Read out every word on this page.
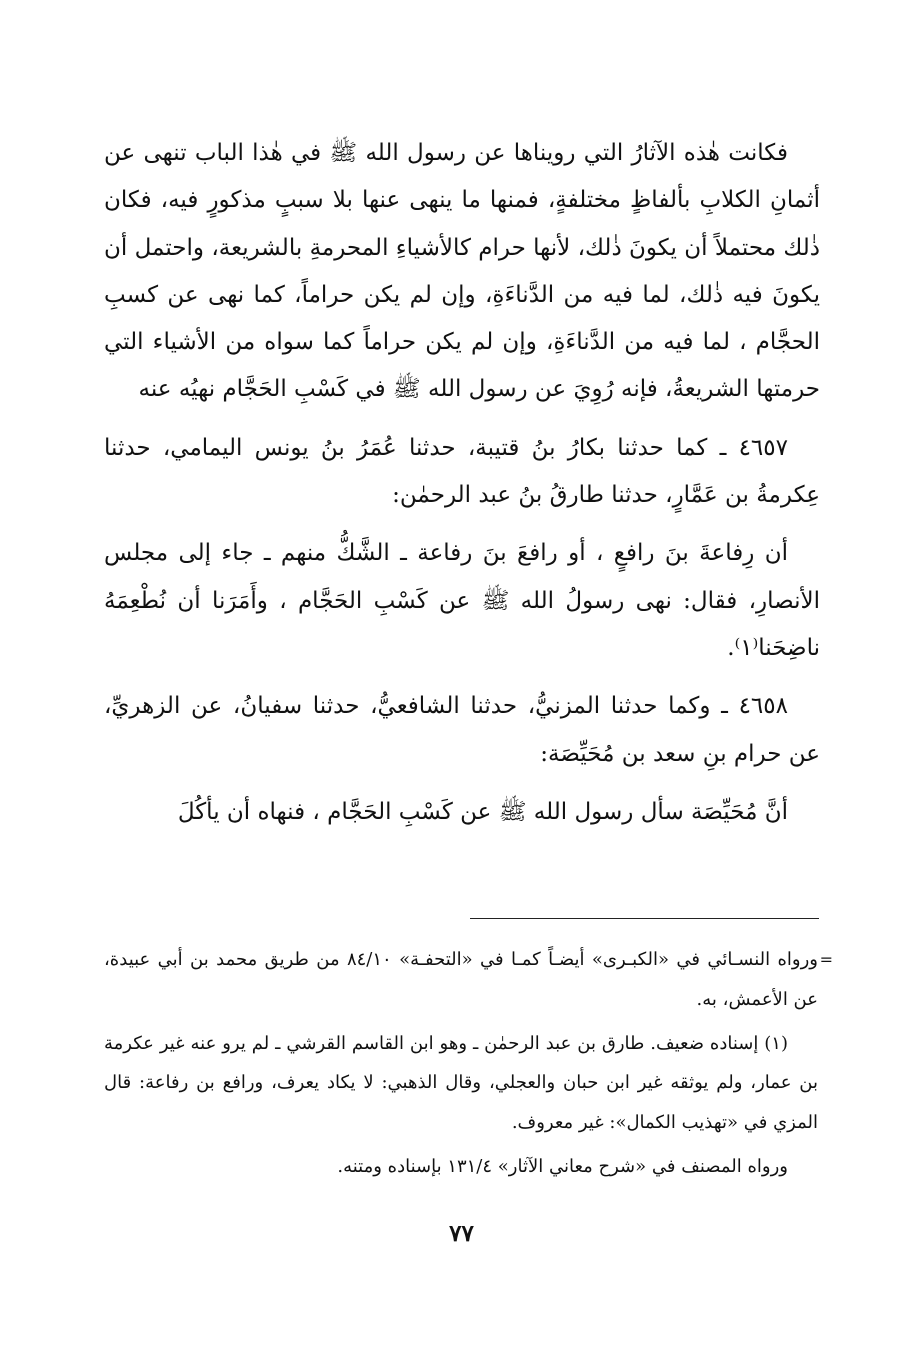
فكانت هٰذه الآثارُ التي رويناها عن رسول الله ﷺ في هٰذا الباب تنهى عن أثمانِ الكلابِ بألفاظٍ مختلفةٍ، فمنها ما ينهى عنها بلا سببٍ مذكورٍ فيه، فكان ذٰلك محتملاً أن يكونَ ذٰلك، لأنها حرام كالأشياءِ المحرمةِ بالشريعة، واحتمل أن يكونَ فيه ذٰلك، لما فيه من الدَّناءَةِ، وإن لم يكن حراماً، كما نهى عن كسبِ الحجَّام ، لما فيه من الدَّناءَةِ، وإن لم يكن حراماً كما سواه من الأشياء التي حرمتها الشريعةُ، فإنه رُوِيَ عن رسول الله ﷺ في كَسْبِ الحَجَّام نهيُه عنه

٤٦٥٧ ـ كما حدثنا بكارُ بنُ قتيبة، حدثنا عُمَرُ بنُ يونس اليمامي، حدثنا عِكرمةُ بن عَمَّارٍ، حدثنا طارقُ بنُ عبد الرحمٰن:

أن رِفاعةَ بنَ رافعٍ ، أو رافعَ بنَ رفاعة ـ الشَّكُّ منهم ـ جاء إلى مجلس الأنصارِ، فقال: نهى رسولُ الله ﷺ عن كَسْبِ الحَجَّام ، وأَمَرَنا أن نُطْعِمَهُ ناضِحَنا⁽١⁾.

٤٦٥٨ ـ وكما حدثنا المزنيُّ، حدثنا الشافعيُّ، حدثنا سفيانُ، عن الزهريِّ، عن حرام بنِ سعد بن مُحَيِّصَة:

أنَّ مُحَيِّصَة سأل رسول الله ﷺ عن كَسْبِ الحَجَّام ، فنهاه أن يأكُلَ

=
ورواه النسـائي في «الكبـرى» أيضـاً كمـا في «التحفـة» ٨٤/١٠ من طريق محمد بن أبي عبيدة، عن الأعمش، به.

(١) إسناده ضعيف. طارق بن عبد الرحمٰن ـ وهو ابن القاسم القرشي ـ لم يرو عنه غير عكرمة بن عمار، ولم يوثقه غير ابن حبان والعجلي، وقال الذهبي: لا يكاد يعرف، ورافع بن رفاعة: قال المزي في «تهذيب الكمال»: غير معروف.

ورواه المصنف في «شرح معاني الآثار» ١٣١/٤ بإسناده ومتنه.

٧٧
